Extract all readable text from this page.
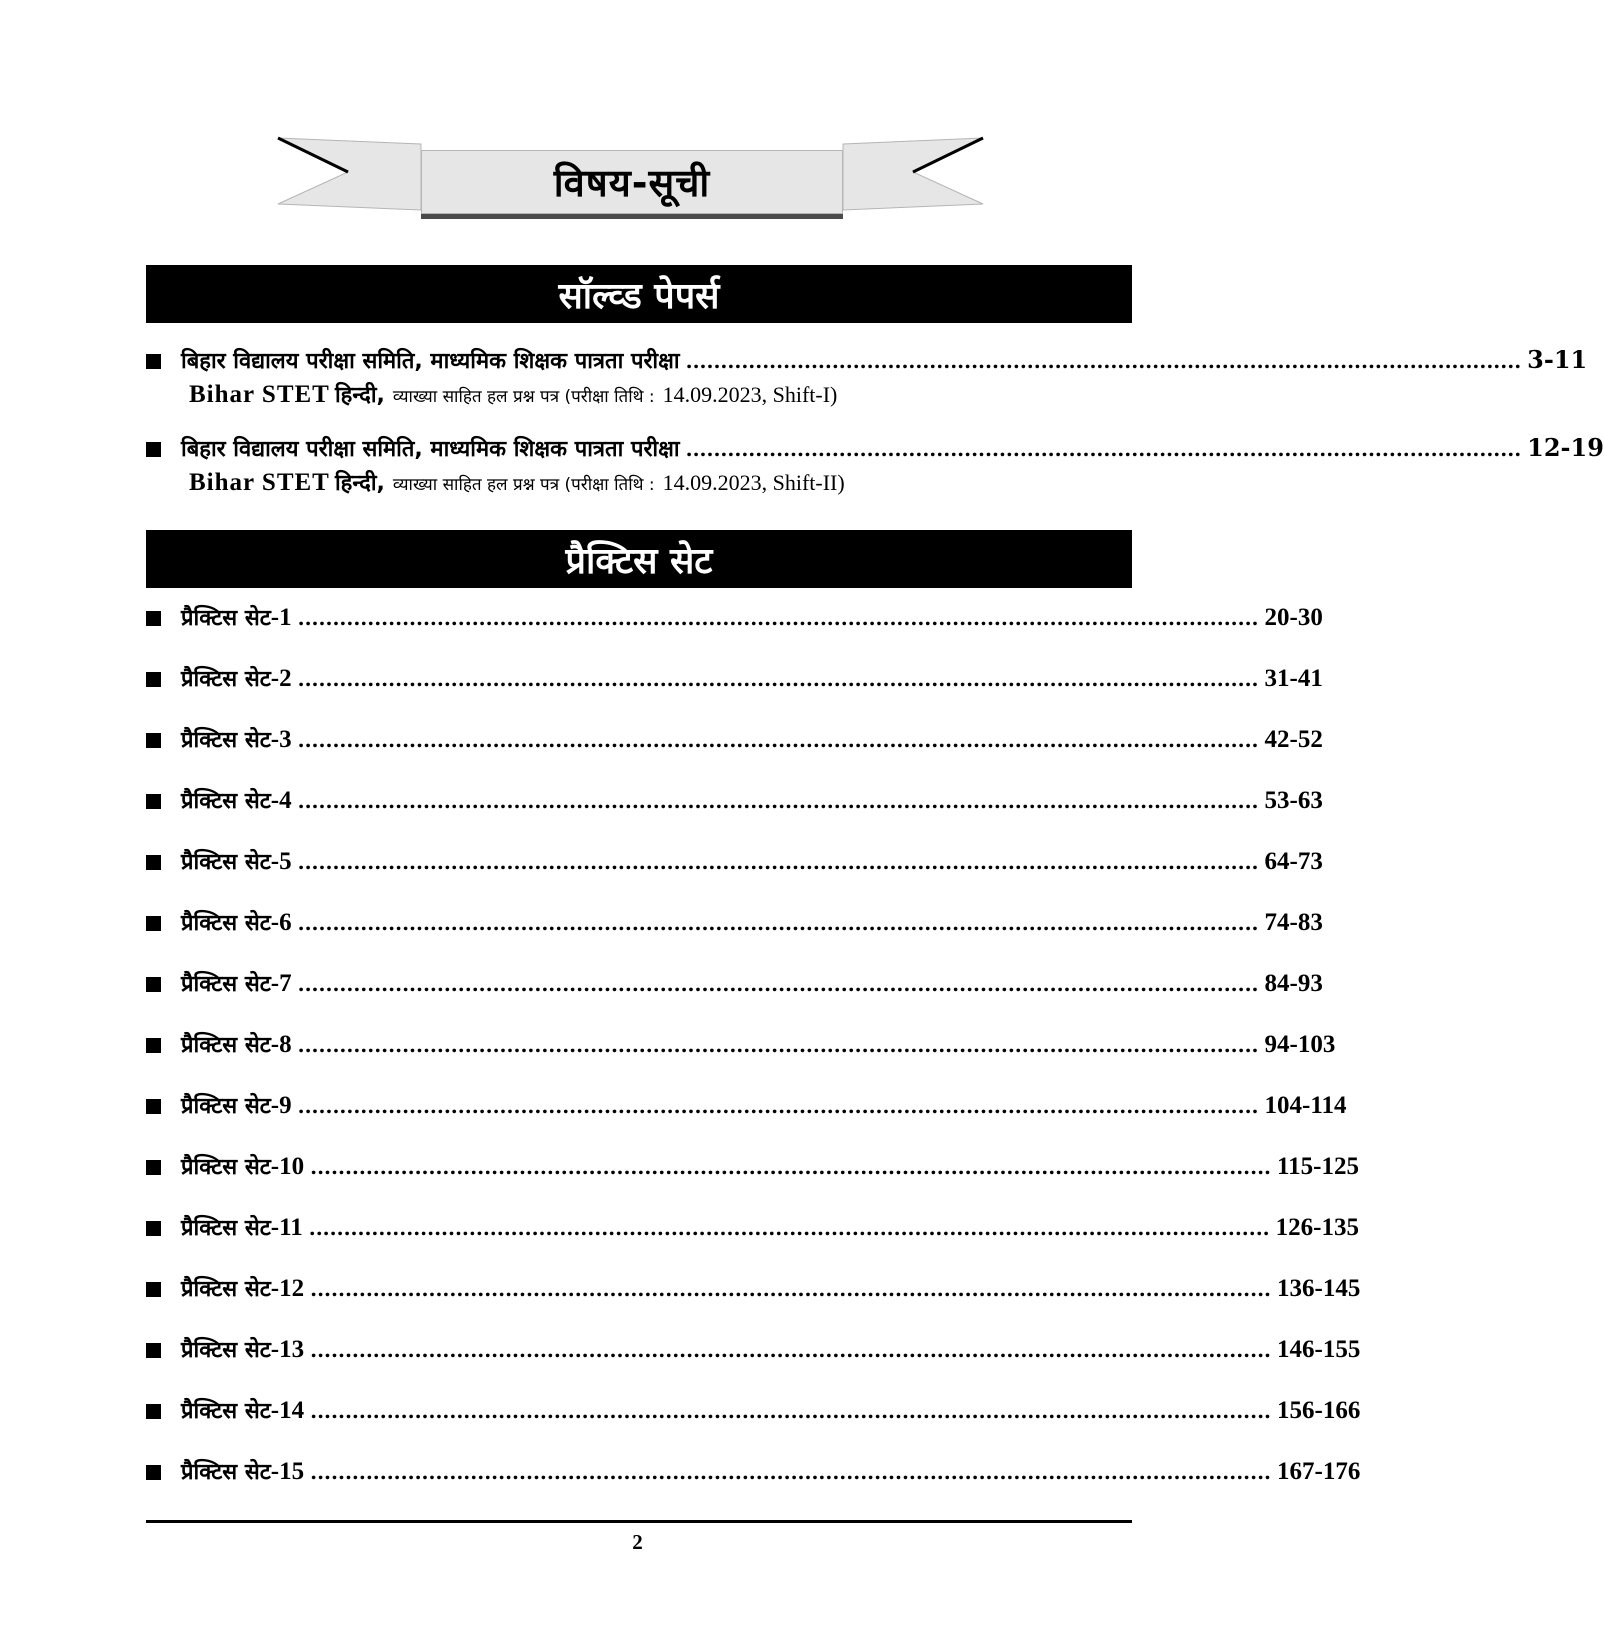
विषय-सूची
सॉल्व्ड पेपर्स
बिहार विद्यालय परीक्षा समिति, माध्यमिक शिक्षक पात्रता परीक्षा ........................................................................................................................ 3-11
Bihar STET
हिन्दी, व्याख्या साहित हल प्रश्न पत्र (परीक्षा तिथि : 14.09.2023, Shift-I)
बिहार विद्यालय परीक्षा समिति, माध्यमिक शिक्षक पात्रता परीक्षा ........................................................................................................................ 12-19
Bihar STET
हिन्दी, व्याख्या साहित हल प्रश्न पत्र (परीक्षा तिथि : 14.09.2023, Shift-II)
प्रैक्टिस सेट
प्रैक्टिस सेट -1 .......................................................................................................................................... 20-30
प्रैक्टिस सेट -2 .......................................................................................................................................... 31-41
प्रैक्टिस सेट -3 .......................................................................................................................................... 42-52
प्रैक्टिस सेट -4 .......................................................................................................................................... 53-63
प्रैक्टिस सेट -5 .......................................................................................................................................... 64-73
प्रैक्टिस सेट -6 .......................................................................................................................................... 74-83
प्रैक्टिस सेट -7 .......................................................................................................................................... 84-93
प्रैक्टिस सेट -8 .......................................................................................................................................... 94-103
प्रैक्टिस सेट -9 .......................................................................................................................................... 104-114
प्रैक्टिस सेट -10 .......................................................................................................................................... 115-125
प्रैक्टिस सेट -11 .......................................................................................................................................... 126-135
प्रैक्टिस सेट -12 .......................................................................................................................................... 136-145
प्रैक्टिस सेट -13 .......................................................................................................................................... 146-155
प्रैक्टिस सेट -14 .......................................................................................................................................... 156-166
प्रैक्टिस सेट -15 .......................................................................................................................................... 167-176
2
